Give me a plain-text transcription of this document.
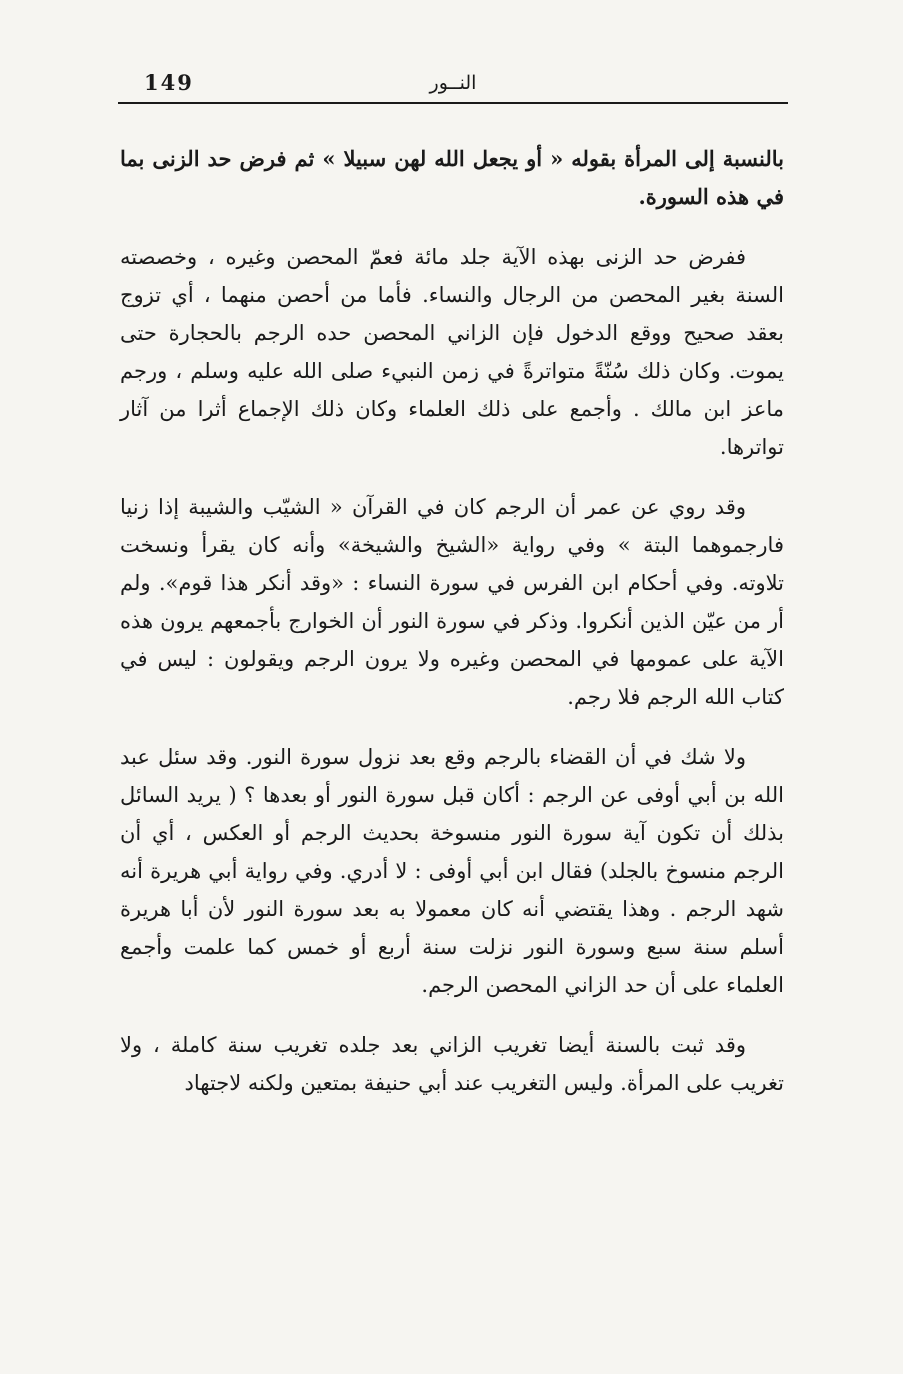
149	النــور

بالنسبة إلى المرأة بقوله « أو يجعل الله لهن سبيلا » ثم فرض حد الزنى بما في هذه السورة.

ففرض حد الزنى بهذه الآية جلد مائة فعمّ المحصن وغيره ، وخصصته السنة بغير المحصن من الرجال والنساء. فأما من أحصن منهما ، أي تزوج بعقد صحيح ووقع الدخول فإن الزاني المحصن حده الرجم بالحجارة حتى يموت. وكان ذلك سُنّةً متواترةً في زمن النبيء صلى الله عليه وسلم ، ورجم ماعز ابن مالك . وأجمع على ذلك العلماء وكان ذلك الإجماع أثرا من آثار تواترها.

وقد روي عن عمر أن الرجم كان في القرآن « الشيّب والشيبة إذا زنيا فارجموهما البتة » وفي رواية «الشيخ والشيخة» وأنه كان يقرأ ونسخت تلاوته. وفي أحكام ابن الفرس في سورة النساء : «وقد أنكر هذا قوم». ولم أر من عيّن الذين أنكروا. وذكر في سورة النور أن الخوارج بأجمعهم يرون هذه الآية على عمومها في المحصن وغيره ولا يرون الرجم ويقولون : ليس في كتاب الله الرجم فلا رجم.

ولا شك في أن القضاء بالرجم وقع بعد نزول سورة النور. وقد سئل عبد الله بن أبي أوفى عن الرجم : أكان قبل سورة النور أو بعدها ؟ ( يريد السائل بذلك أن تكون آية سورة النور منسوخة بحديث الرجم أو العكس ، أي أن الرجم منسوخ بالجلد) فقال ابن أبي أوفى : لا أدري. وفي رواية أبي هريرة أنه شهد الرجم . وهذا يقتضي أنه كان معمولا به بعد سورة النور لأن أبا هريرة أسلم سنة سبع وسورة النور نزلت سنة أربع أو خمس كما علمت وأجمع العلماء على أن حد الزاني المحصن الرجم.

وقد ثبت بالسنة أيضا تغريب الزاني بعد جلده تغريب سنة كاملة ، ولا تغريب على المرأة. وليس التغريب عند أبي حنيفة بمتعين ولكنه لاجتهاد
